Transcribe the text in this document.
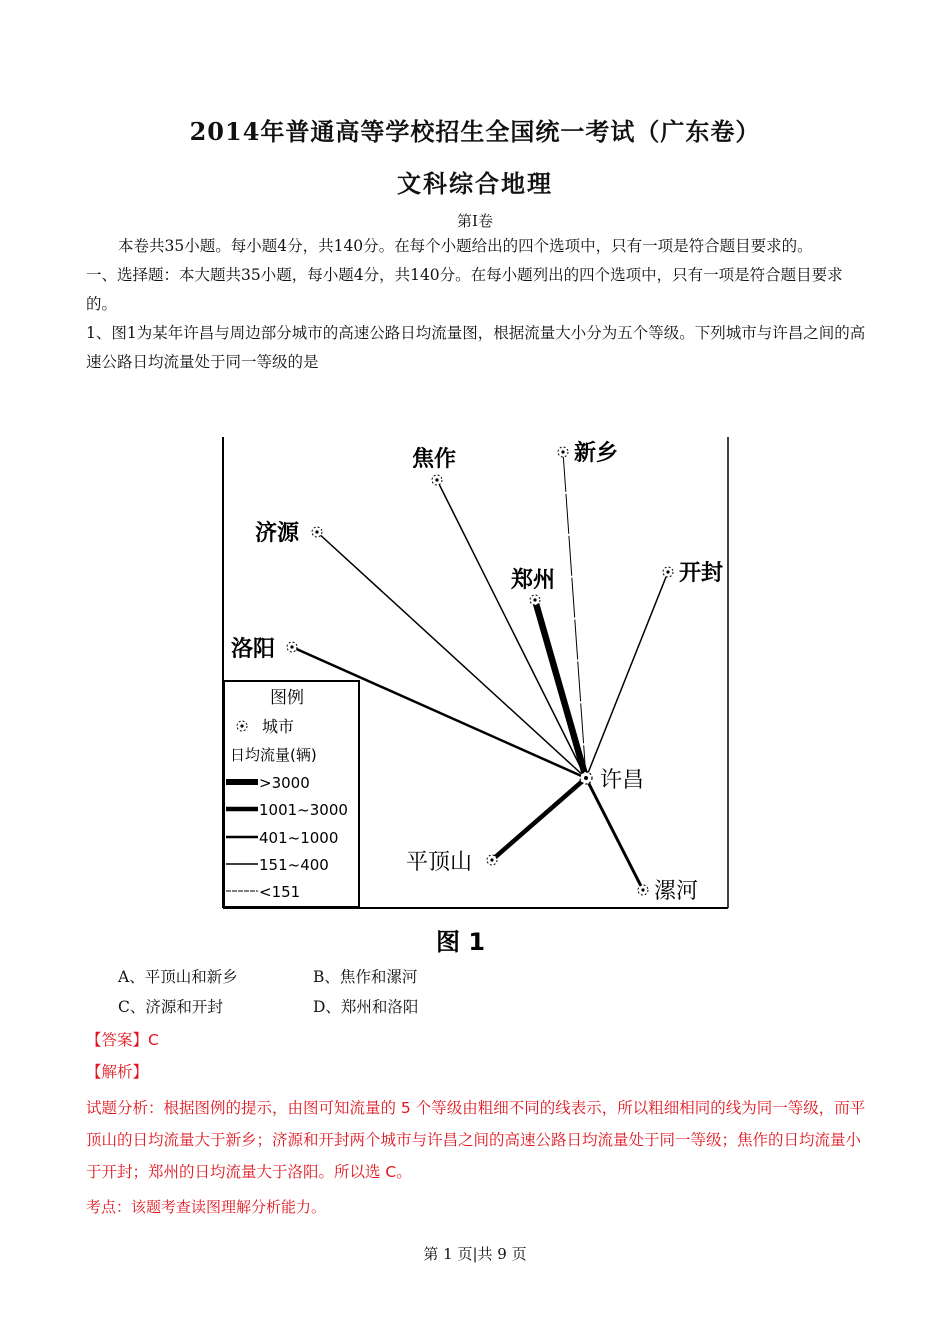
2014年普通高等学校招生全国统一考试（广东卷）
文科综合地理
第Ⅰ卷
本卷共35小题。每小题4分，共140分。在每个小题给出的四个选项中，只有一项是符合题目要求的。
一、选择题：本大题共35小题，每小题4分，共140分。在每小题列出的四个选项中，只有一项是符合题目要求的。
1、图1为某年许昌与周边部分城市的高速公路日均流量图，根据流量大小分为五个等级。下列城市与许昌之间的高速公路日均流量处于同一等级的是
焦作	新乡
济源
郑州	开封
洛阳
平顶山
漯河
许昌
图例
城市
日均流量(辆)
>3000
1001~3000
401~1000
151~400
<151
图 1
A、平顶山和新乡	B、焦作和漯河
C、济源和开封	D、郑州和洛阳
【答案】C
【解析】
试题分析：根据图例的提示，由图可知流量的 5 个等级由粗细不同的线表示，所以粗细相同的线为同一等级，而平顶山的日均流量大于新乡；济源和开封两个城市与许昌之间的高速公路日均流量处于同一等级；焦作的日均流量小于开封；郑州的日均流量大于洛阳。所以选 C。
考点：该题考查读图理解分析能力。
第 1 页|共 9 页
